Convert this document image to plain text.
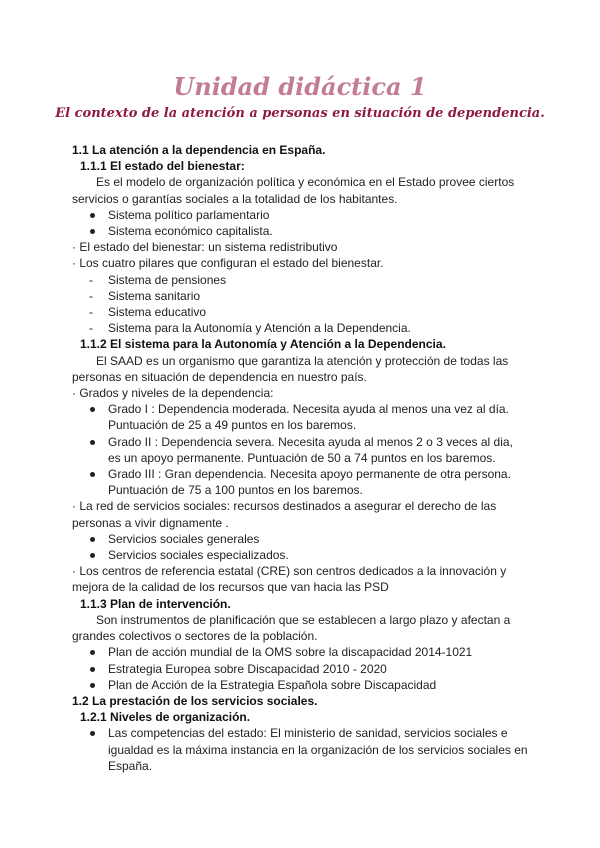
Unidad didáctica 1
El contexto de la atención a personas en situación de dependencia.
1.1 La atención a la dependencia en España.
1.1.1 El estado del bienestar:

Es el modelo de organización política y económica en el Estado provee ciertos servicios o garantías sociales a la totalidad de los habitantes.

Sistema político parlamentario
Sistema económico capitalista.

· El estado del bienestar: un sistema redistributivo

· Los cuatro pilares que configuran el estado del bienestar.

- Sistema de pensiones
- Sistema sanitario
- Sistema educativo
- Sistema para la Autonomía y Atención a la Dependencia.
1.1.2 El sistema para la Autonomía y Atención a la Dependencia.

El SAAD es un organismo que garantiza la atención y protección de todas las personas en situación de dependencia en nuestro país.

· Grados y niveles de la dependencia:

Grado I : Dependencia moderada. Necesita ayuda al menos una vez al día. Puntuación de 25 a 49 puntos en los baremos.
Grado II : Dependencia severa. Necesita ayuda al menos 2 o 3 veces al dia, es un apoyo permanente. Puntuación de 50 a 74 puntos en los baremos.
Grado III : Gran dependencia. Necesita apoyo permanente de otra persona. Puntuación de 75 a 100 puntos en los baremos.

· La red de servicios sociales: recursos destinados a asegurar el derecho de las personas a vivir dignamente .

Servicios sociales generales
Servicios sociales especializados.

· Los centros de referencia estatal (CRE) son centros dedicados a la innovación y mejora de la calidad de los recursos que van hacia las PSD

1.1.3 Plan de intervención.

Son instrumentos de planificación que se establecen a largo plazo y afectan a grandes colectivos o sectores de la población.

Plan de acción mundial de la OMS sobre la discapacidad 2014-1021
Estrategia Europea sobre Discapacidad 2010 - 2020
Plan de Acción de la Estrategia Española sobre Discapacidad
1.2 La prestación de los servicios sociales.
1.2.1 Niveles de organización.
Las competencias del estado: El ministerio de sanidad, servicios sociales e igualdad es la máxima instancia en la organización de los servicios sociales en España.
